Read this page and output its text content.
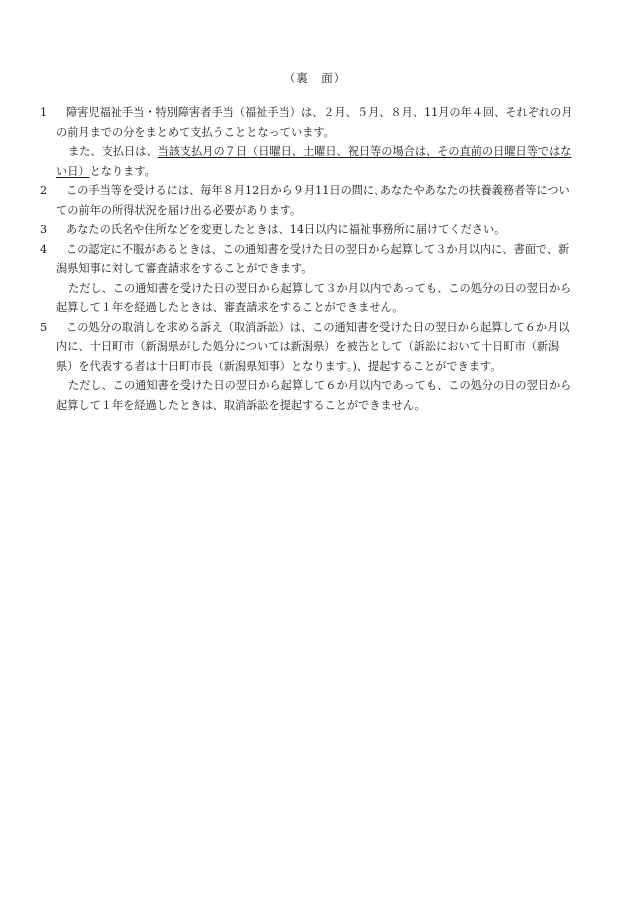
（裏　面）
1	障害児福祉手当・特別障害者手当（福祉手当）は、２月、５月、８月、11月の年４回、それぞれの月の前月までの分をまとめて支払うこととなっています。
また、支払日は、当該支払月の７日（日曜日、土曜日、祝日等の場合は、その直前の日曜日等ではない日）となります。
2	この手当等を受けるには、毎年８月12日から９月11日の間に､あなたやあなたの扶養義務者等についての前年の所得状況を届け出る必要があります。
3	あなたの氏名や住所などを変更したときは、14日以内に福祉事務所に届けてください。
4	この認定に不服があるときは、この通知書を受けた日の翌日から起算して３か月以内に、書面で、新潟県知事に対して審査請求をすることができます。
ただし、この通知書を受けた日の翌日から起算して３か月以内であっても、この処分の日の翌日から起算して１年を経過したときは、審査請求をすることができません。
5	この処分の取消しを求める訴え（取消訴訟）は、この通知書を受けた日の翌日から起算して６か月以内に、十日町市（新潟県がした処分については新潟県）を被告として（訴訟において十日町市（新潟県）を代表する者は十日町市長（新潟県知事）となります｡)、提起することができます。
ただし、この通知書を受けた日の翌日から起算して６か月以内であっても、この処分の日の翌日から起算して１年を経過したときは、取消訴訟を提起することができません。
